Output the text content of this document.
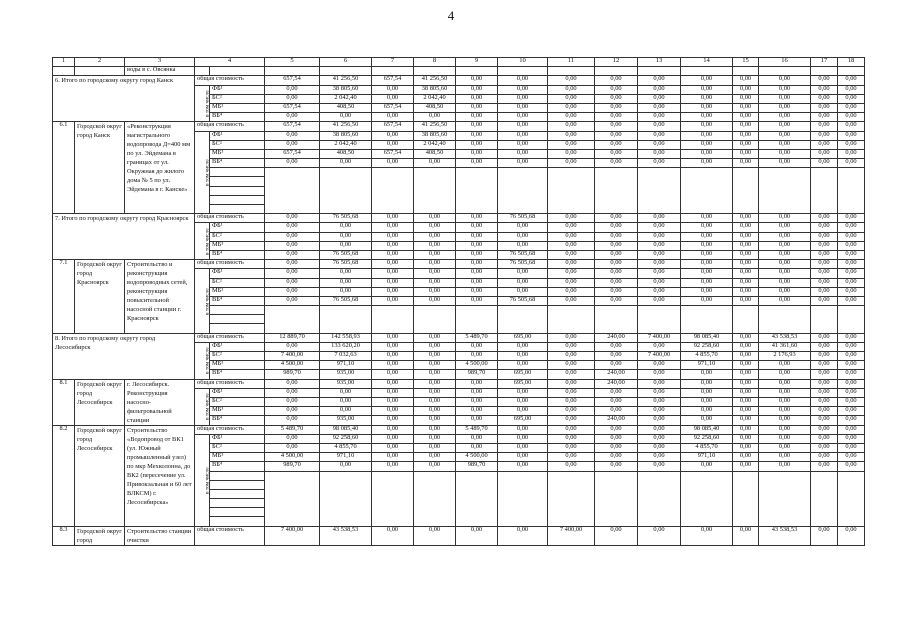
4
1	2	3	4		5	6	7	8	9	10	11	12	13	14	15	16	17	18
		воды в с. Овсянка																
6. Итого по городскому округу город Канск			общая стоимость		657,54	41 256,50	657,54	41 256,50	0,00	0,00	0,00	0,00	0,00	0,00	0,00	0,00	0,00	0,00
			в том числе	ФБ¹	0,00	38 805,60	0,00	38 805,60	0,00	0,00	0,00	0,00	0,00	0,00	0,00	0,00	0,00	0,00
				БС²	0,00	2 042,40	0,00	2 042,40	0,00	0,00	0,00	0,00	0,00	0,00	0,00	0,00	0,00	0,00
				МБ³	657,54	408,50	657,54	408,50	0,00	0,00	0,00	0,00	0,00	0,00	0,00	0,00	0,00	0,00
				ВБ⁴	0,00	0,00	0,00	0,00	0,00	0,00	0,00	0,00	0,00	0,00	0,00	0,00	0,00	0,00
6.1	Городской округ город Канск	«Реконструкция магистрального водопровода Д=400 мм по ул. Эйдемана в границах от ул. Окружная до жилого дома № 5 по ул. Эйдемана в г. Канске»	общая стоимость		657,54	41 256,50	657,54	41 256,50	0,00	0,00	0,00	0,00	0,00	0,00	0,00	0,00	0,00	0,00
			в том числе	ФБ¹	0,00	38 805,60	0,00	38 805,60	0,00	0,00	0,00	0,00	0,00	0,00	0,00	0,00	0,00	0,00
				БС²	0,00	2 042,40	0,00	2 042,40	0,00	0,00	0,00	0,00	0,00	0,00	0,00	0,00	0,00	0,00
				МБ³	657,54	408,50	657,54	408,50	0,00	0,00	0,00	0,00	0,00	0,00	0,00	0,00	0,00	0,00
				ВБ⁴	0,00	0,00	0,00	0,00	0,00	0,00	0,00	0,00	0,00	0,00	0,00	0,00	0,00	0,00

7. Итого по городскому округу город Красноярск			общая стоимость		0,00	76 505,68	0,00	0,00	0,00	76 505,68	0,00	0,00	0,00	0,00	0,00	0,00	0,00	0,00
			в том числе	ФБ¹	0,00	0,00	0,00	0,00	0,00	0,00	0,00	0,00	0,00	0,00	0,00	0,00	0,00	0,00
				БС²	0,00	0,00	0,00	0,00	0,00	0,00	0,00	0,00	0,00	0,00	0,00	0,00	0,00	0,00
				МБ³	0,00	0,00	0,00	0,00	0,00	0,00	0,00	0,00	0,00	0,00	0,00	0,00	0,00	0,00
				ВБ⁴	0,00	76 505,68	0,00	0,00	0,00	76 505,68	0,00	0,00	0,00	0,00	0,00	0,00	0,00	0,00
7.1	Городской округ город Красноярск	Строительство и реконструкция водопроводных сетей, реконструкция повысительной насосной станции г. Красноярск	общая стоимость		0,00	76 505,68	0,00	0,00	0,00	76 505,68	0,00	0,00	0,00	0,00	0,00	0,00	0,00	0,00
			в том числе	ФБ¹	0,00	0,00	0,00	0,00	0,00	0,00	0,00	0,00	0,00	0,00	0,00	0,00	0,00	0,00
				БС²	0,00	0,00	0,00	0,00	0,00	0,00	0,00	0,00	0,00	0,00	0,00	0,00	0,00	0,00
				МБ³	0,00	0,00	0,00	0,00	0,00	0,00	0,00	0,00	0,00	0,00	0,00	0,00	0,00	0,00
				ВБ⁴	0,00	76 505,68	0,00	0,00	0,00	76 505,68	0,00	0,00	0,00	0,00	0,00	0,00	0,00	0,00

8. Итого по городскому округу город Лесосибирск			общая стоимость		12 889,70	142 558,93	0,00	0,00	5 489,70	695,00	0,00	240,00	7 400,00	98 085,40	0,00	43 538,53	0,00	0,00
			в том числе	ФБ¹	0,00	133 620,20	0,00	0,00	0,00	0,00	0,00	0,00	0,00	92 258,60	0,00	41 361,60	0,00	0,00
				БС²	7 400,00	7 032,63	0,00	0,00	0,00	0,00	0,00	0,00	7 400,00	4 855,70	0,00	2 176,93	0,00	0,00
				МБ³	4 500,00	971,10	0,00	0,00	4 500,00	0,00	0,00	0,00	0,00	971,10	0,00	0,00	0,00	0,00
				ВБ⁴	989,70	935,00	0,00	0,00	989,70	695,00	0,00	240,00	0,00	0,00	0,00	0,00	0,00	0,00
8.1	Городской округ город Лесосибирск	г. Лесосибирск. Реконструкция насосно-фильтровальной станции	общая стоимость		0,00	935,00	0,00	0,00	0,00	695,00	0,00	240,00	0,00	0,00	0,00	0,00	0,00	0,00
			в том числе	ФБ¹	0,00	0,00	0,00	0,00	0,00	0,00	0,00	0,00	0,00	0,00	0,00	0,00	0,00	0,00
				БС²	0,00	0,00	0,00	0,00	0,00	0,00	0,00	0,00	0,00	0,00	0,00	0,00	0,00	0,00
				МБ³	0,00	0,00	0,00	0,00	0,00	0,00	0,00	0,00	0,00	0,00	0,00	0,00	0,00	0,00
				ВБ⁴	0,00	935,00	0,00	0,00	0,00	695,00	0,00	240,00	0,00	0,00	0,00	0,00	0,00	0,00
8.2	Городской округ город Лесосибирск	Строительство «Водопровод от ВК1 (ул. Южный промышленный узел) по мкр Мехколонна, до ВК2 (пересечение ул. Привокзальная и 60 лет ВЛКСМ) г. Лесосибирска»	общая стоимость		5 489,70	98 085,40	0,00	0,00	5 489,70	0,00	0,00	0,00	0,00	98 085,40	0,00	0,00	0,00	0,00
			в том числе	ФБ¹	0,00	92 258,60	0,00	0,00	0,00	0,00	0,00	0,00	0,00	92 258,60	0,00	0,00	0,00	0,00
				БС²	0,00	4 855,70	0,00	0,00	0,00	0,00	0,00	0,00	0,00	4 855,70	0,00	0,00	0,00	0,00
				МБ³	4 500,00	971,10	0,00	0,00	4 500,00	0,00	0,00	0,00	0,00	971,10	0,00	0,00	0,00	0,00
				ВБ⁴	989,70	0,00	0,00	0,00	989,70	0,00	0,00	0,00	0,00	0,00	0,00	0,00	0,00	0,00

8.3	Городской округ город	Строительство станции очистки	общая стоимость		7 400,00	43 538,53	0,00	0,00	0,00	0,00	7 400,00	0,00	0,00	0,00	0,00	43 538,53	0,00	0,00
